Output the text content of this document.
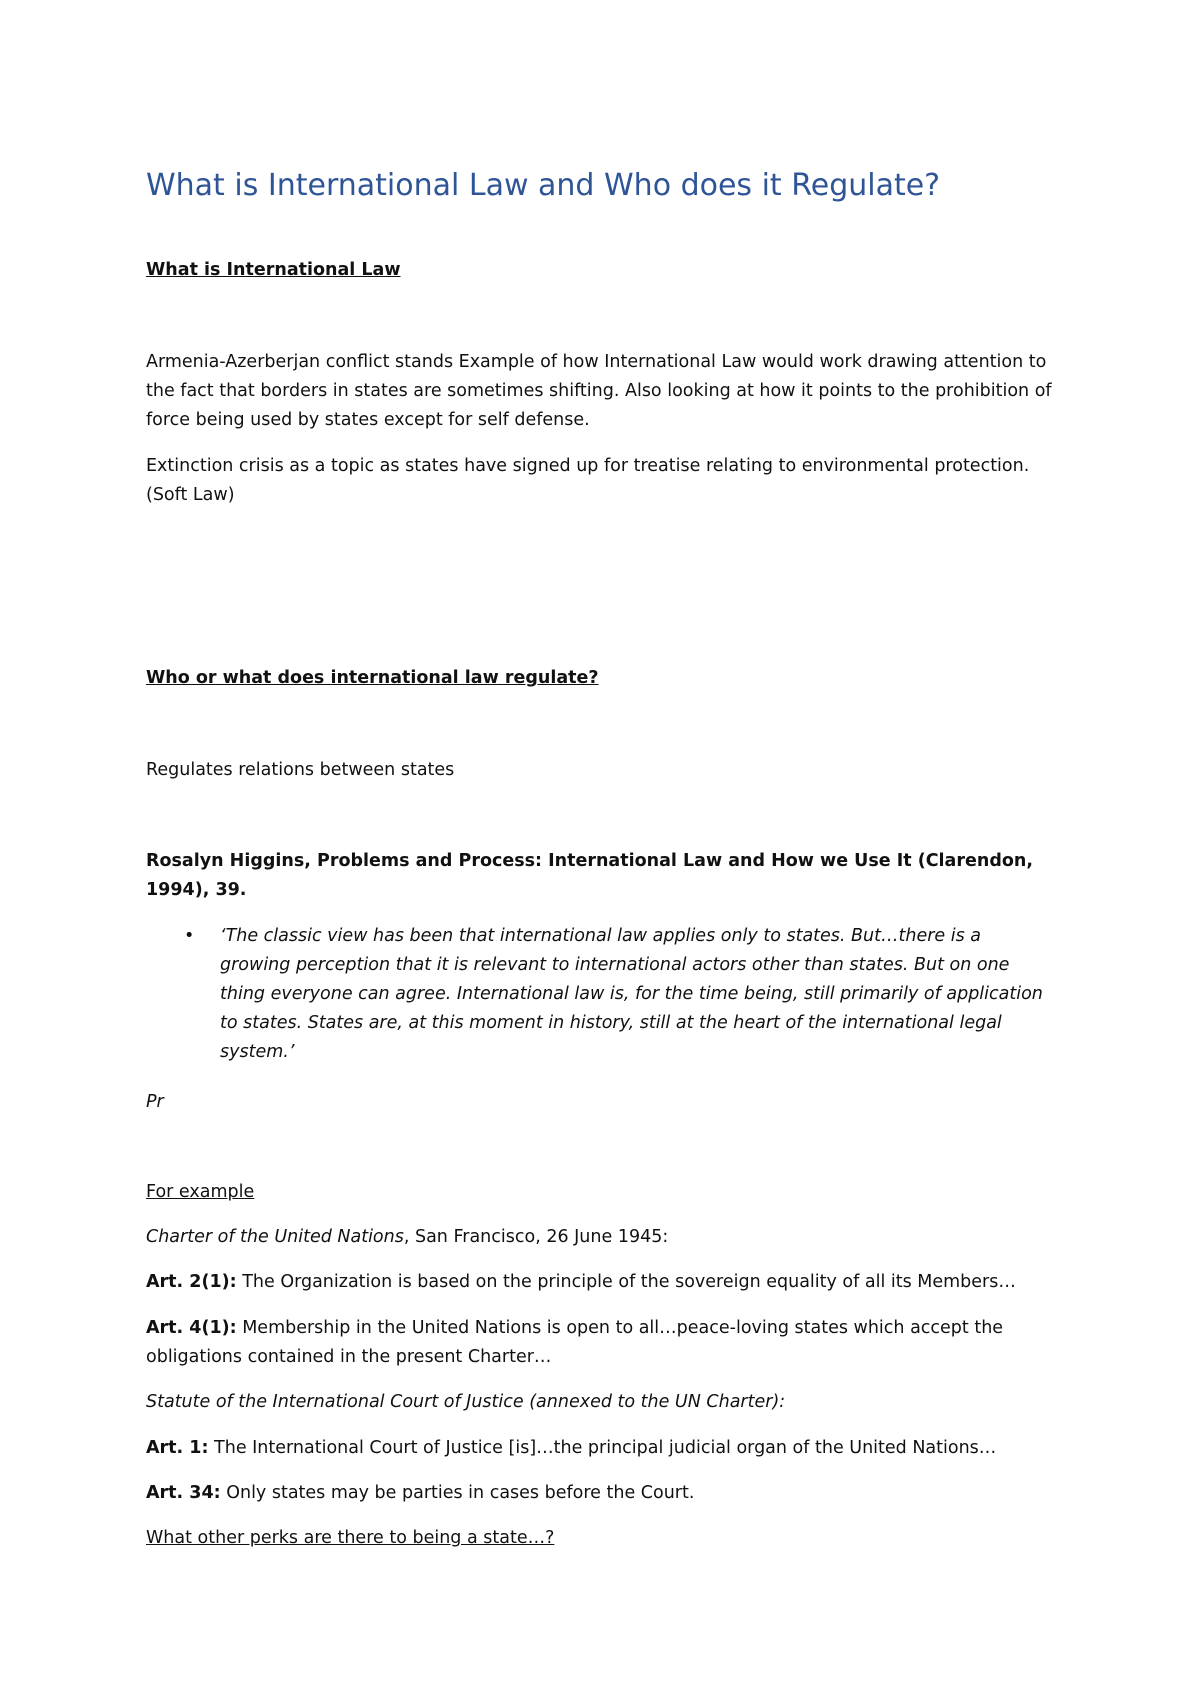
What is International Law and Who does it Regulate?

What is International Law

Armenia-Azerberjan conflict stands Example of how International Law would work drawing attention to the fact that borders in states are sometimes shifting. Also looking at how it points to the prohibition of force being used by states except for self defense.

Extinction crisis as a topic as states have signed up for treatise relating to environmental protection. (Soft Law)

Who or what does international law regulate?

Regulates relations between states

Rosalyn Higgins, Problems and Process: International Law and How we Use It (Clarendon, 1994), 39.

• ‘The classic view has been that international law applies only to states. But…there is a growing perception that it is relevant to international actors other than states. But on one thing everyone can agree. International law is, for the time being, still primarily of application to states. States are, at this moment in history, still at the heart of the international legal system.’

Pr

For example

Charter of the United Nations, San Francisco, 26 June 1945:

Art. 2(1): The Organization is based on the principle of the sovereign equality of all its Members…

Art. 4(1): Membership in the United Nations is open to all…peace-loving states which accept the obligations contained in the present Charter…

Statute of the International Court of Justice (annexed to the UN Charter):

Art. 1: The International Court of Justice [is]…the principal judicial organ of the United Nations…

Art. 34: Only states may be parties in cases before the Court.

What other perks are there to being a state…?
